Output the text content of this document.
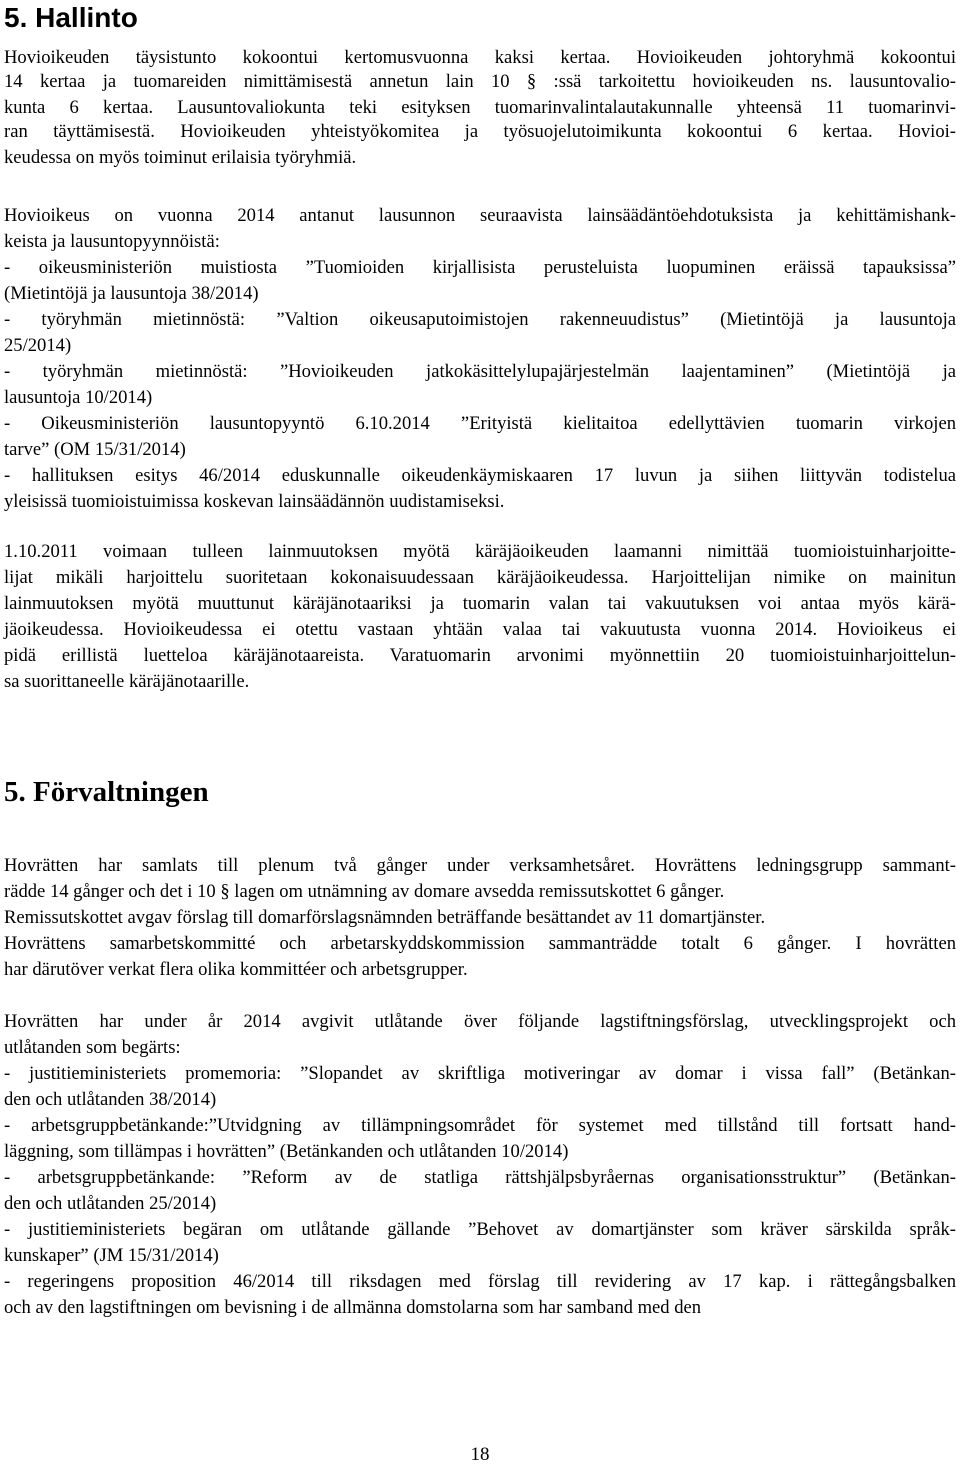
5. Hallinto

Hovioikeuden täysistunto kokoontui kertomusvuonna kaksi kertaa. Hovioikeuden johtoryhmä kokoontui

14 kertaa ja tuomareiden nimittämisestä annetun lain 10 § :ssä tarkoitettu hovioikeuden ns. lausuntovalio-

kunta 6 kertaa. Lausuntovaliokunta teki esityksen tuomarinvalintalautakunnalle yhteensä 11 tuomarinvi-

ran täyttämisestä. Hovioikeuden yhteistyökomitea ja työsuojelutoimikunta kokoontui 6 kertaa. Hovioi-

keudessa on myös toiminut erilaisia työryhmiä.

Hovioikeus on vuonna 2014 antanut lausunnon seuraavista lainsäädäntöehdotuksista ja kehittämishank-

keista ja lausuntopyynnöistä:

- oikeusministeriön muistiosta ”Tuomioiden kirjallisista perusteluista luopuminen eräissä tapauksissa”

(Mietintöjä ja lausuntoja 38/2014)

- työryhmän mietinnöstä: ”Valtion oikeusaputoimistojen rakenneuudistus” (Mietintöjä ja lausuntoja

25/2014)

- työryhmän mietinnöstä: ”Hovioikeuden jatkokäsittelylupajärjestelmän laajentaminen” (Mietintöjä ja

lausuntoja 10/2014)

- Oikeusministeriön lausuntopyyntö 6.10.2014 ”Erityistä kielitaitoa edellyttävien tuomarin virkojen

tarve” (OM 15/31/2014)

- hallituksen esitys 46/2014 eduskunnalle oikeudenkäymiskaaren 17 luvun ja siihen liittyvän todistelua

yleisissä tuomioistuimissa koskevan lainsäädännön uudistamiseksi.

1.10.2011 voimaan tulleen lainmuutoksen myötä käräjäoikeuden laamanni nimittää tuomioistuinharjoitte-

lijat mikäli harjoittelu suoritetaan kokonaisuudessaan käräjäoikeudessa. Harjoittelijan nimike on mainitun

lainmuutoksen myötä muuttunut käräjänotaariksi ja tuomarin valan tai vakuutuksen voi antaa myös kärä-

jäoikeudessa. Hovioikeudessa ei otettu vastaan yhtään valaa tai vakuutusta vuonna 2014. Hovioikeus ei

pidä erillistä luetteloa käräjänotaareista. Varatuomarin arvonimi myönnettiin 20 tuomioistuinharjoittelun-

sa suorittaneelle käräjänotaarille.

5. Förvaltningen

Hovrätten har samlats till plenum två gånger under verksamhetsåret. Hovrättens ledningsgrupp sammant-

rädde 14 gånger och det i 10 § lagen om utnämning av domare avsedda remissutskottet 6 gånger.

Remissutskottet avgav förslag till domarförslagsnämnden beträffande besättandet av 11 domartjänster.

Hovrättens samarbetskommitté och arbetarskyddskommission sammanträdde totalt 6 gånger. I hovrätten

har därutöver verkat flera olika kommittéer och arbetsgrupper.

Hovrätten har under år 2014 avgivit utlåtande över följande lagstiftningsförslag, utvecklingsprojekt och

utlåtanden som begärts:

- justitieministeriets promemoria: ”Slopandet av skriftliga motiveringar av domar i vissa fall” (Betänkan-

den och utlåtanden 38/2014)

- arbetsgruppbetänkande:”Utvidgning av tillämpningsområdet för systemet med tillstånd till fortsatt hand-

läggning, som tillämpas i hovrätten” (Betänkanden och utlåtanden 10/2014)

- arbetsgruppbetänkande: ”Reform av de statliga rättshjälpsbyråernas organisationsstruktur” (Betänkan-

den och utlåtanden 25/2014)

- justitieministeriets begäran om utlåtande gällande ”Behovet av domartjänster som kräver särskilda språk-

kunskaper” (JM 15/31/2014)

- regeringens proposition 46/2014 till riksdagen med förslag till revidering av 17 kap. i rättegångsbalken

och av den lagstiftningen om bevisning i de allmänna domstolarna som har samband med den

18
